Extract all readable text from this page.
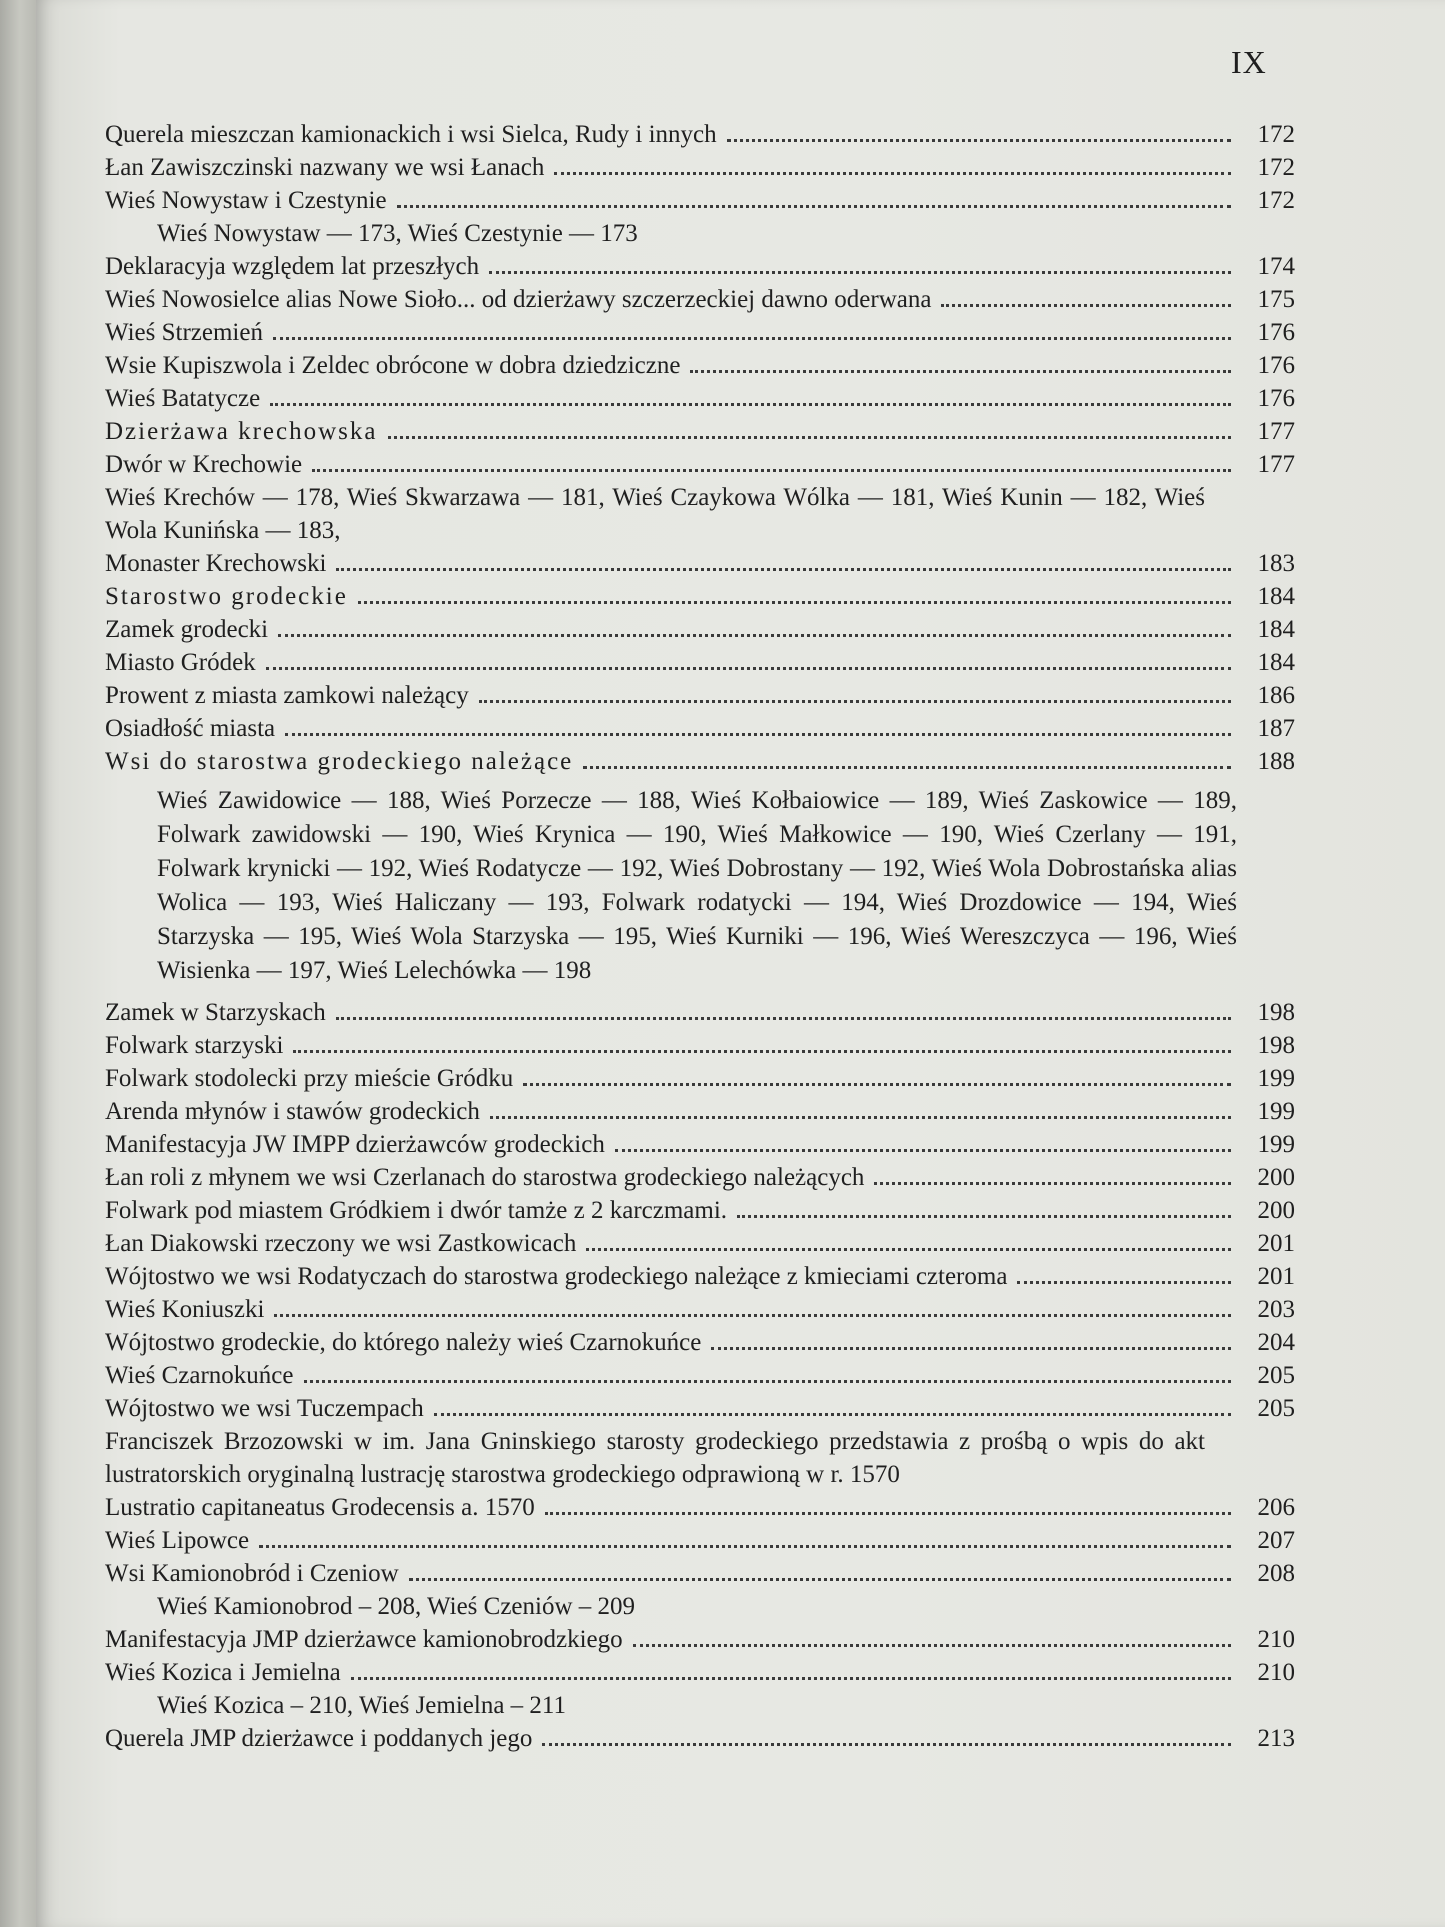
IX
Querela mieszczan kamionackich i wsi Sielca, Rudy i innych	172
Łan Zawiszczinski nazwany we wsi Łanach	172
Wieś Nowystaw i Czestynie	172
Wieś Nowystaw — 173, Wieś Czestynie — 173
Deklaracyja względem lat przeszłych	174
Wieś Nowosielce alias Nowe Sioło... od dzierżawy szczerzeckiej dawno oderwana	175
Wieś Strzemień	176
Wsie Kupiszwola i Zeldec obrócone w dobra dziedziczne	176
Wieś Batatycze	176
Dzierżawa krechowska	177
Dwór w Krechowie	177
Wieś Krechów — 178, Wieś Skwarzawa — 181, Wieś Czaykowa Wólka — 181, Wieś Kunin — 182, Wieś Wola Kunińska — 183,
Monaster Krechowski	183
Starostwo grodeckie	184
Zamek grodecki	184
Miasto Gródek	184
Prowent z miasta zamkowi należący	186
Osiadłość miasta	187
Wsi do starostwa grodeckiego należące	188
Wieś Zawidowice — 188, Wieś Porzecze — 188, Wieś Kołbaiowice — 189, Wieś Zaskowice — 189, Folwark zawidowski — 190, Wieś Krynica — 190, Wieś Małkowice — 190, Wieś Czerlany — 191, Folwark krynicki — 192, Wieś Rodatycze — 192, Wieś Dobrostany — 192, Wieś Wola Dobrostańska alias Wolica — 193, Wieś Haliczany — 193, Folwark rodatycki — 194, Wieś Drozdowice — 194, Wieś Starzyska — 195, Wieś Wola Starzyska — 195, Wieś Kurniki — 196, Wieś Wereszczyca — 196, Wieś Wisienka — 197, Wieś Lelechówka — 198
Zamek w Starzyskach	198
Folwark starzyski	198
Folwark stodolecki przy mieście Gródku	199
Arenda młynów i stawów grodeckich	199
Manifestacyja JW IMPP dzierżawców grodeckich	199
Łan roli z młynem we wsi Czerlanach do starostwa grodeckiego należących	200
Folwark pod miastem Gródkiem i dwór tamże z 2 karczmami.	200
Łan Diakowski rzeczony we wsi Zastkowicach	201
Wójtostwo we wsi Rodatyczach do starostwa grodeckiego należące z kmieciami czteroma	201
Wieś Koniuszki	203
Wójtostwo grodeckie, do którego należy wieś Czarnokuńce	204
Wieś Czarnokuńce	205
Wójtostwo we wsi Tuczempach	205
Franciszek Brzozowski w im. Jana Gninskiego starosty grodeckiego przedstawia z prośbą o wpis do akt lustratorskich oryginalną lustrację starostwa grodeckiego odprawioną w r. 1570
Lustratio capitaneatus Grodecensis a. 1570	206
Wieś Lipowce	207
Wsi Kamionobród i Czeniow	208
Wieś Kamionobrod – 208, Wieś Czeniów – 209
Manifestacyja JMP dzierżawce kamionobrodzkiego	210
Wieś Kozica i Jemielna	210
Wieś Kozica – 210, Wieś Jemielna – 211
Querela JMP dzierżawce i poddanych jego	213
